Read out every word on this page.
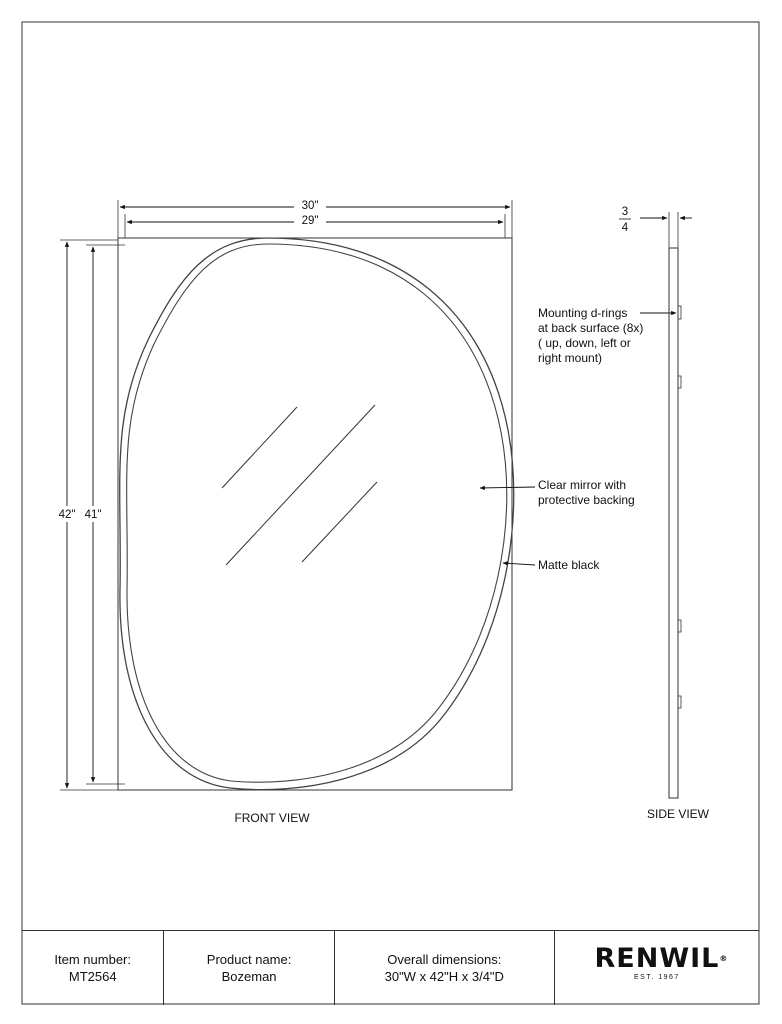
30"
29"
42" 41"
Mounting d-rings
at back surface (8x)
( up, down, left or
right mount)
Clear mirror with
protective backing
Matte black
3
4
FRONT VIEW	SIDE VIEW
Item number:
MT2564
Product name:
Bozeman
Overall dimensions:
30"W x 42"H x 3/4"D
RENWIL ®
EST. 1967
